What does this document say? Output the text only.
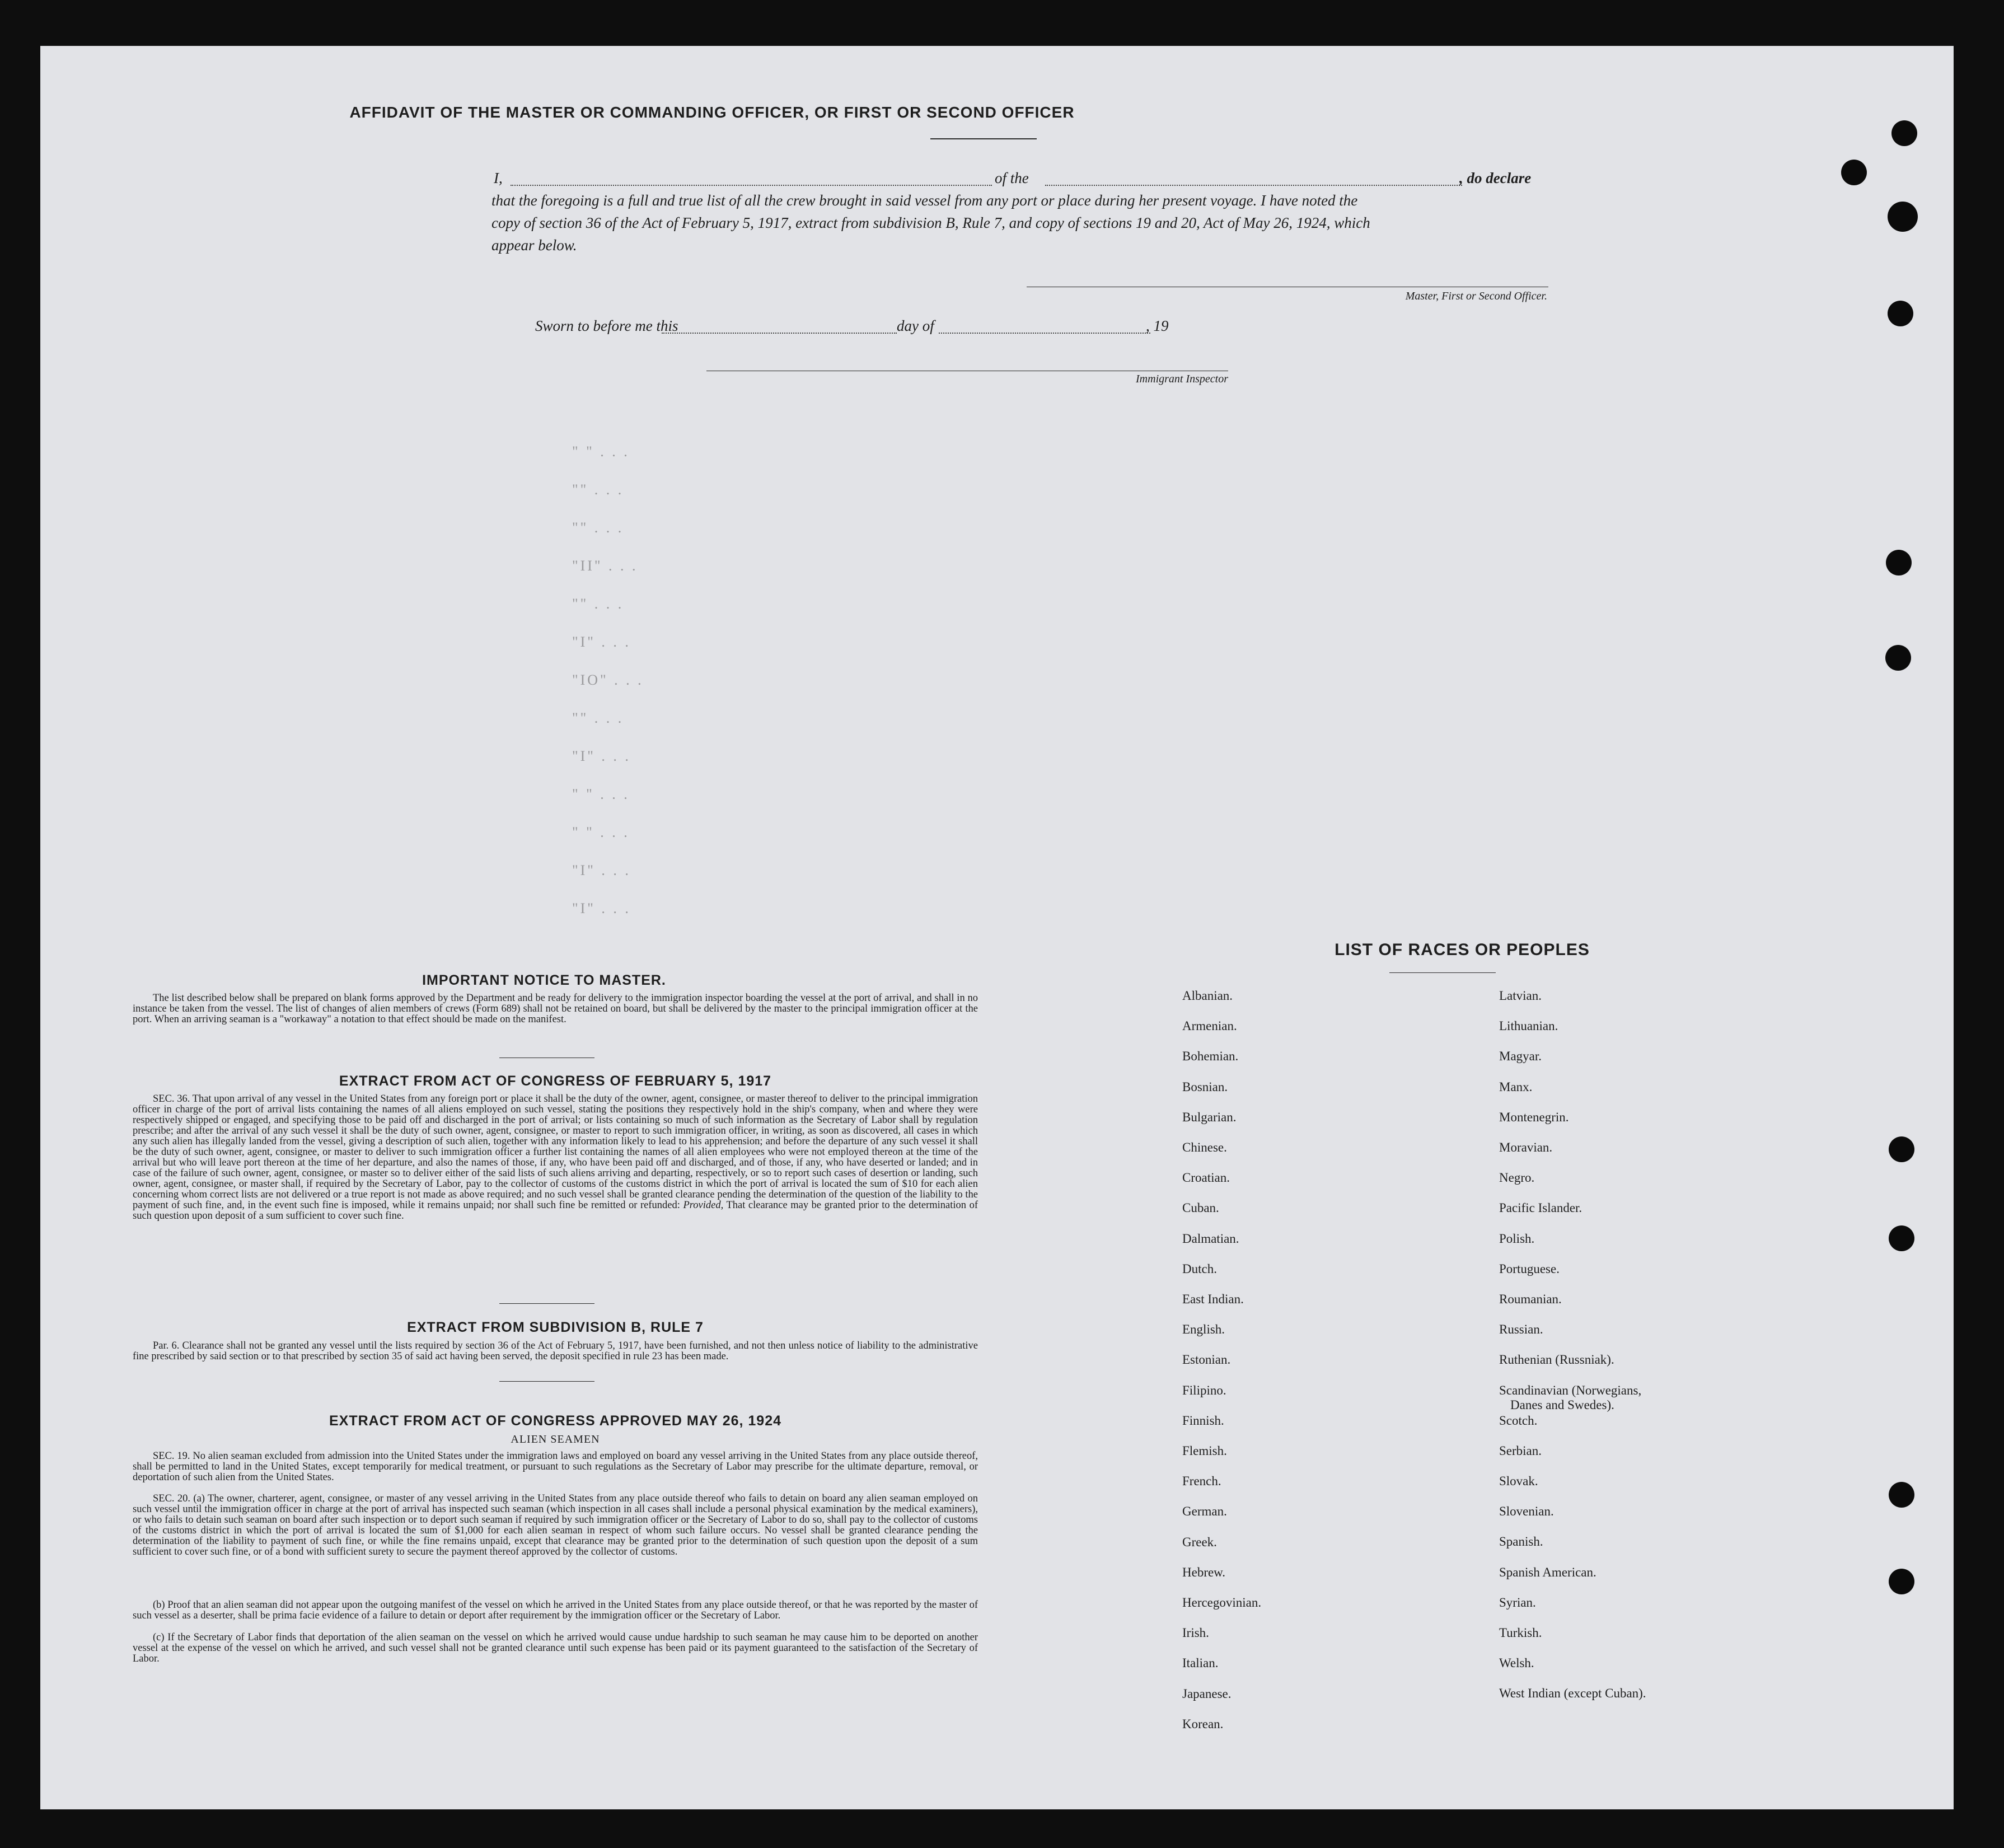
" " . . .
"" . . .
"" . . .
"II" . . .
"" . . .
"I" . . .
"IO" . . .
"" . . .
"I" . . .
" " . . .
" " . . .
"I" . . .
"I" . . .
AFFIDAVIT OF THE MASTER OR COMMANDING OFFICER, OR FIRST OR SECOND OFFICER
I,	of the	, do declare
that the foregoing is a full and true list of all the crew brought in said vessel from any port or place during her present voyage. I have noted the
copy of section 36 of the Act of February 5, 1917, extract from subdivision B, Rule 7, and copy of sections 19 and 20, Act of May 26, 1924, which
appear below.
Master, First or Second Officer.
Sworn to before me this	day of	, 19
Immigrant Inspector
IMPORTANT NOTICE TO MASTER.

The list described below shall be prepared on blank forms approved by the Department and be ready for delivery to the immigration inspector boarding the vessel at the port of arrival, and shall in no instance be taken from the vessel. The list of changes of alien members of crews (Form 689) shall not be retained on board, but shall be delivered by the master to the principal immigration officer at the port. When an arriving seaman is a "workaway" a notation to that effect should be made on the manifest.

EXTRACT FROM ACT OF CONGRESS OF FEBRUARY 5, 1917

SEC. 36. That upon arrival of any vessel in the United States from any foreign port or place it shall be the duty of the owner, agent, consignee, or master thereof to deliver to the principal immigration officer in charge of the port of arrival lists containing the names of all aliens employed on such vessel, stating the positions they respectively hold in the ship's company, when and where they were respectively shipped or engaged, and specifying those to be paid off and discharged in the port of arrival; or lists containing so much of such information as the Secretary of Labor shall by regulation prescribe; and after the arrival of any such vessel it shall be the duty of such owner, agent, consignee, or master to report to such immigration officer, in writing, as soon as discovered, all cases in which any such alien has illegally landed from the vessel, giving a description of such alien, together with any information likely to lead to his apprehension; and before the departure of any such vessel it shall be the duty of such owner, agent, consignee, or master to deliver to such immigration officer a further list containing the names of all alien employees who were not employed thereon at the time of the arrival but who will leave port thereon at the time of her departure, and also the names of those, if any, who have been paid off and discharged, and of those, if any, who have deserted or landed; and in case of the failure of such owner, agent, consignee, or master so to deliver either of the said lists of such aliens arriving and departing, respectively, or so to report such cases of desertion or landing, such owner, agent, consignee, or master shall, if required by the Secretary of Labor, pay to the collector of customs of the customs district in which the port of arrival is located the sum of $10 for each alien concerning whom correct lists are not delivered or a true report is not made as above required; and no such vessel shall be granted clearance pending the determination of the question of the liability to the payment of such fine, and, in the event such fine is imposed, while it remains unpaid; nor shall such fine be remitted or refunded: Provided, That clearance may be granted prior to the determination of such question upon deposit of a sum sufficient to cover such fine.

EXTRACT FROM SUBDIVISION B, RULE 7

Par. 6. Clearance shall not be granted any vessel until the lists required by section 36 of the Act of February 5, 1917, have been furnished, and not then unless notice of liability to the administrative fine prescribed by said section or to that prescribed by section 35 of said act having been served, the deposit specified in rule 23 has been made.

EXTRACT FROM ACT OF CONGRESS APPROVED MAY 26, 1924
ALIEN SEAMEN

SEC. 19. No alien seaman excluded from admission into the United States under the immigration laws and employed on board any vessel arriving in the United States from any place outside thereof, shall be permitted to land in the United States, except temporarily for medical treatment, or pursuant to such regulations as the Secretary of Labor may prescribe for the ultimate departure, removal, or deportation of such alien from the United States.

SEC. 20. (a) The owner, charterer, agent, consignee, or master of any vessel arriving in the United States from any place outside thereof who fails to detain on board any alien seaman employed on such vessel until the immigration officer in charge at the port of arrival has inspected such seaman (which inspection in all cases shall include a personal physical examination by the medical examiners), or who fails to detain such seaman on board after such inspection or to deport such seaman if required by such immigration officer or the Secretary of Labor to do so, shall pay to the collector of customs of the customs district in which the port of arrival is located the sum of $1,000 for each alien seaman in respect of whom such failure occurs. No vessel shall be granted clearance pending the determination of the liability to payment of such fine, or while the fine remains unpaid, except that clearance may be granted prior to the determination of such question upon the deposit of a sum sufficient to cover such fine, or of a bond with sufficient surety to secure the payment thereof approved by the collector of customs.

(b) Proof that an alien seaman did not appear upon the outgoing manifest of the vessel on which he arrived in the United States from any place outside thereof, or that he was reported by the master of such vessel as a deserter, shall be prima facie evidence of a failure to detain or deport after requirement by the immigration officer or the Secretary of Labor.

(c) If the Secretary of Labor finds that deportation of the alien seaman on the vessel on which he arrived would cause undue hardship to such seaman he may cause him to be deported on another vessel at the expense of the vessel on which he arrived, and such vessel shall not be granted clearance until such expense has been paid or its payment guaranteed to the satisfaction of the Secretary of Labor.

LIST OF RACES OR PEOPLES
Albanian.
Armenian.
Bohemian.
Bosnian.
Bulgarian.
Chinese.
Croatian.
Cuban.
Dalmatian.
Dutch.
East Indian.
English.
Estonian.
Filipino.
Finnish.
Flemish.
French.
German.
Greek.
Hebrew.
Hercegovinian.
Irish.
Italian.
Japanese.
Korean.
Latvian.
Lithuanian.
Magyar.
Manx.
Montenegrin.
Moravian.
Negro.
Pacific Islander.
Polish.
Portuguese.
Roumanian.
Russian.
Ruthenian (Russniak).
Scandinavian (Norwegians,
Danes and Swedes).
Scotch.
Serbian.
Slovak.
Slovenian.
Spanish.
Spanish American.
Syrian.
Turkish.
Welsh.
West Indian (except Cuban).
